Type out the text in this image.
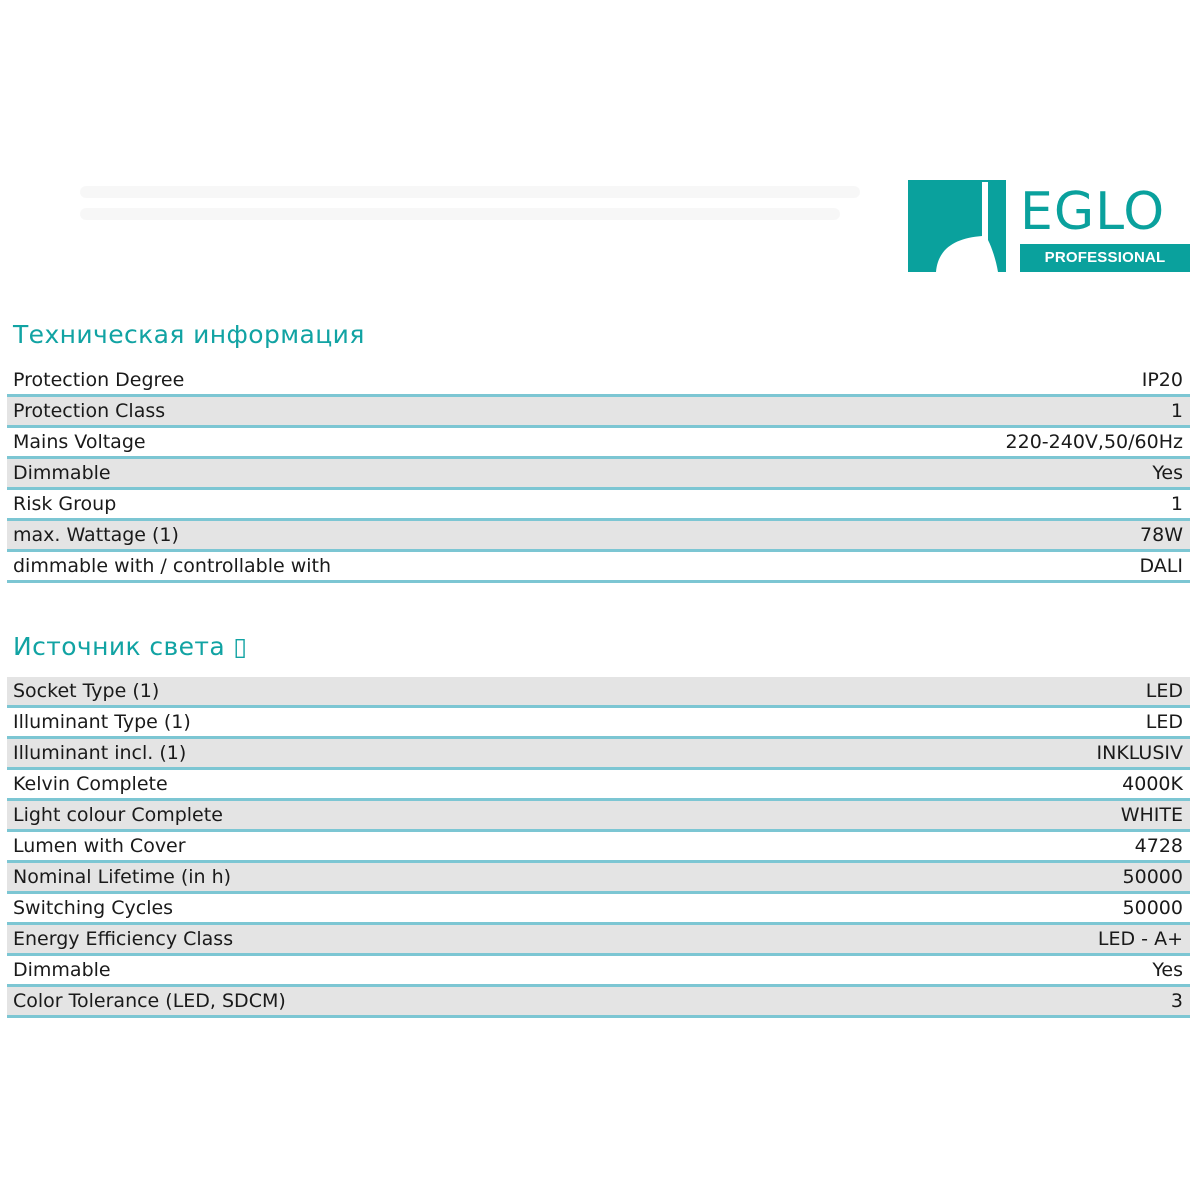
EGLO
PROFESSIONAL LIGHT
Техническая информация
Protection Degree	IP20
Protection Class	1
Mains Voltage	220-240V,50/60Hz
Dimmable	Yes
Risk Group	1
max. Wattage (1)	78W
dimmable with / controllable with	DALI
Источник света ▯
Socket Type (1)	LED
Illuminant Type (1)	LED
Illuminant incl. (1)	INKLUSIV
Kelvin Complete	4000K
Light colour Complete	WHITE
Lumen with Cover	4728
Nominal Lifetime (in h)	50000
Switching Cycles	50000
Energy Efficiency Class	LED - A+
Dimmable	Yes
Color Tolerance (LED, SDCM)	3
